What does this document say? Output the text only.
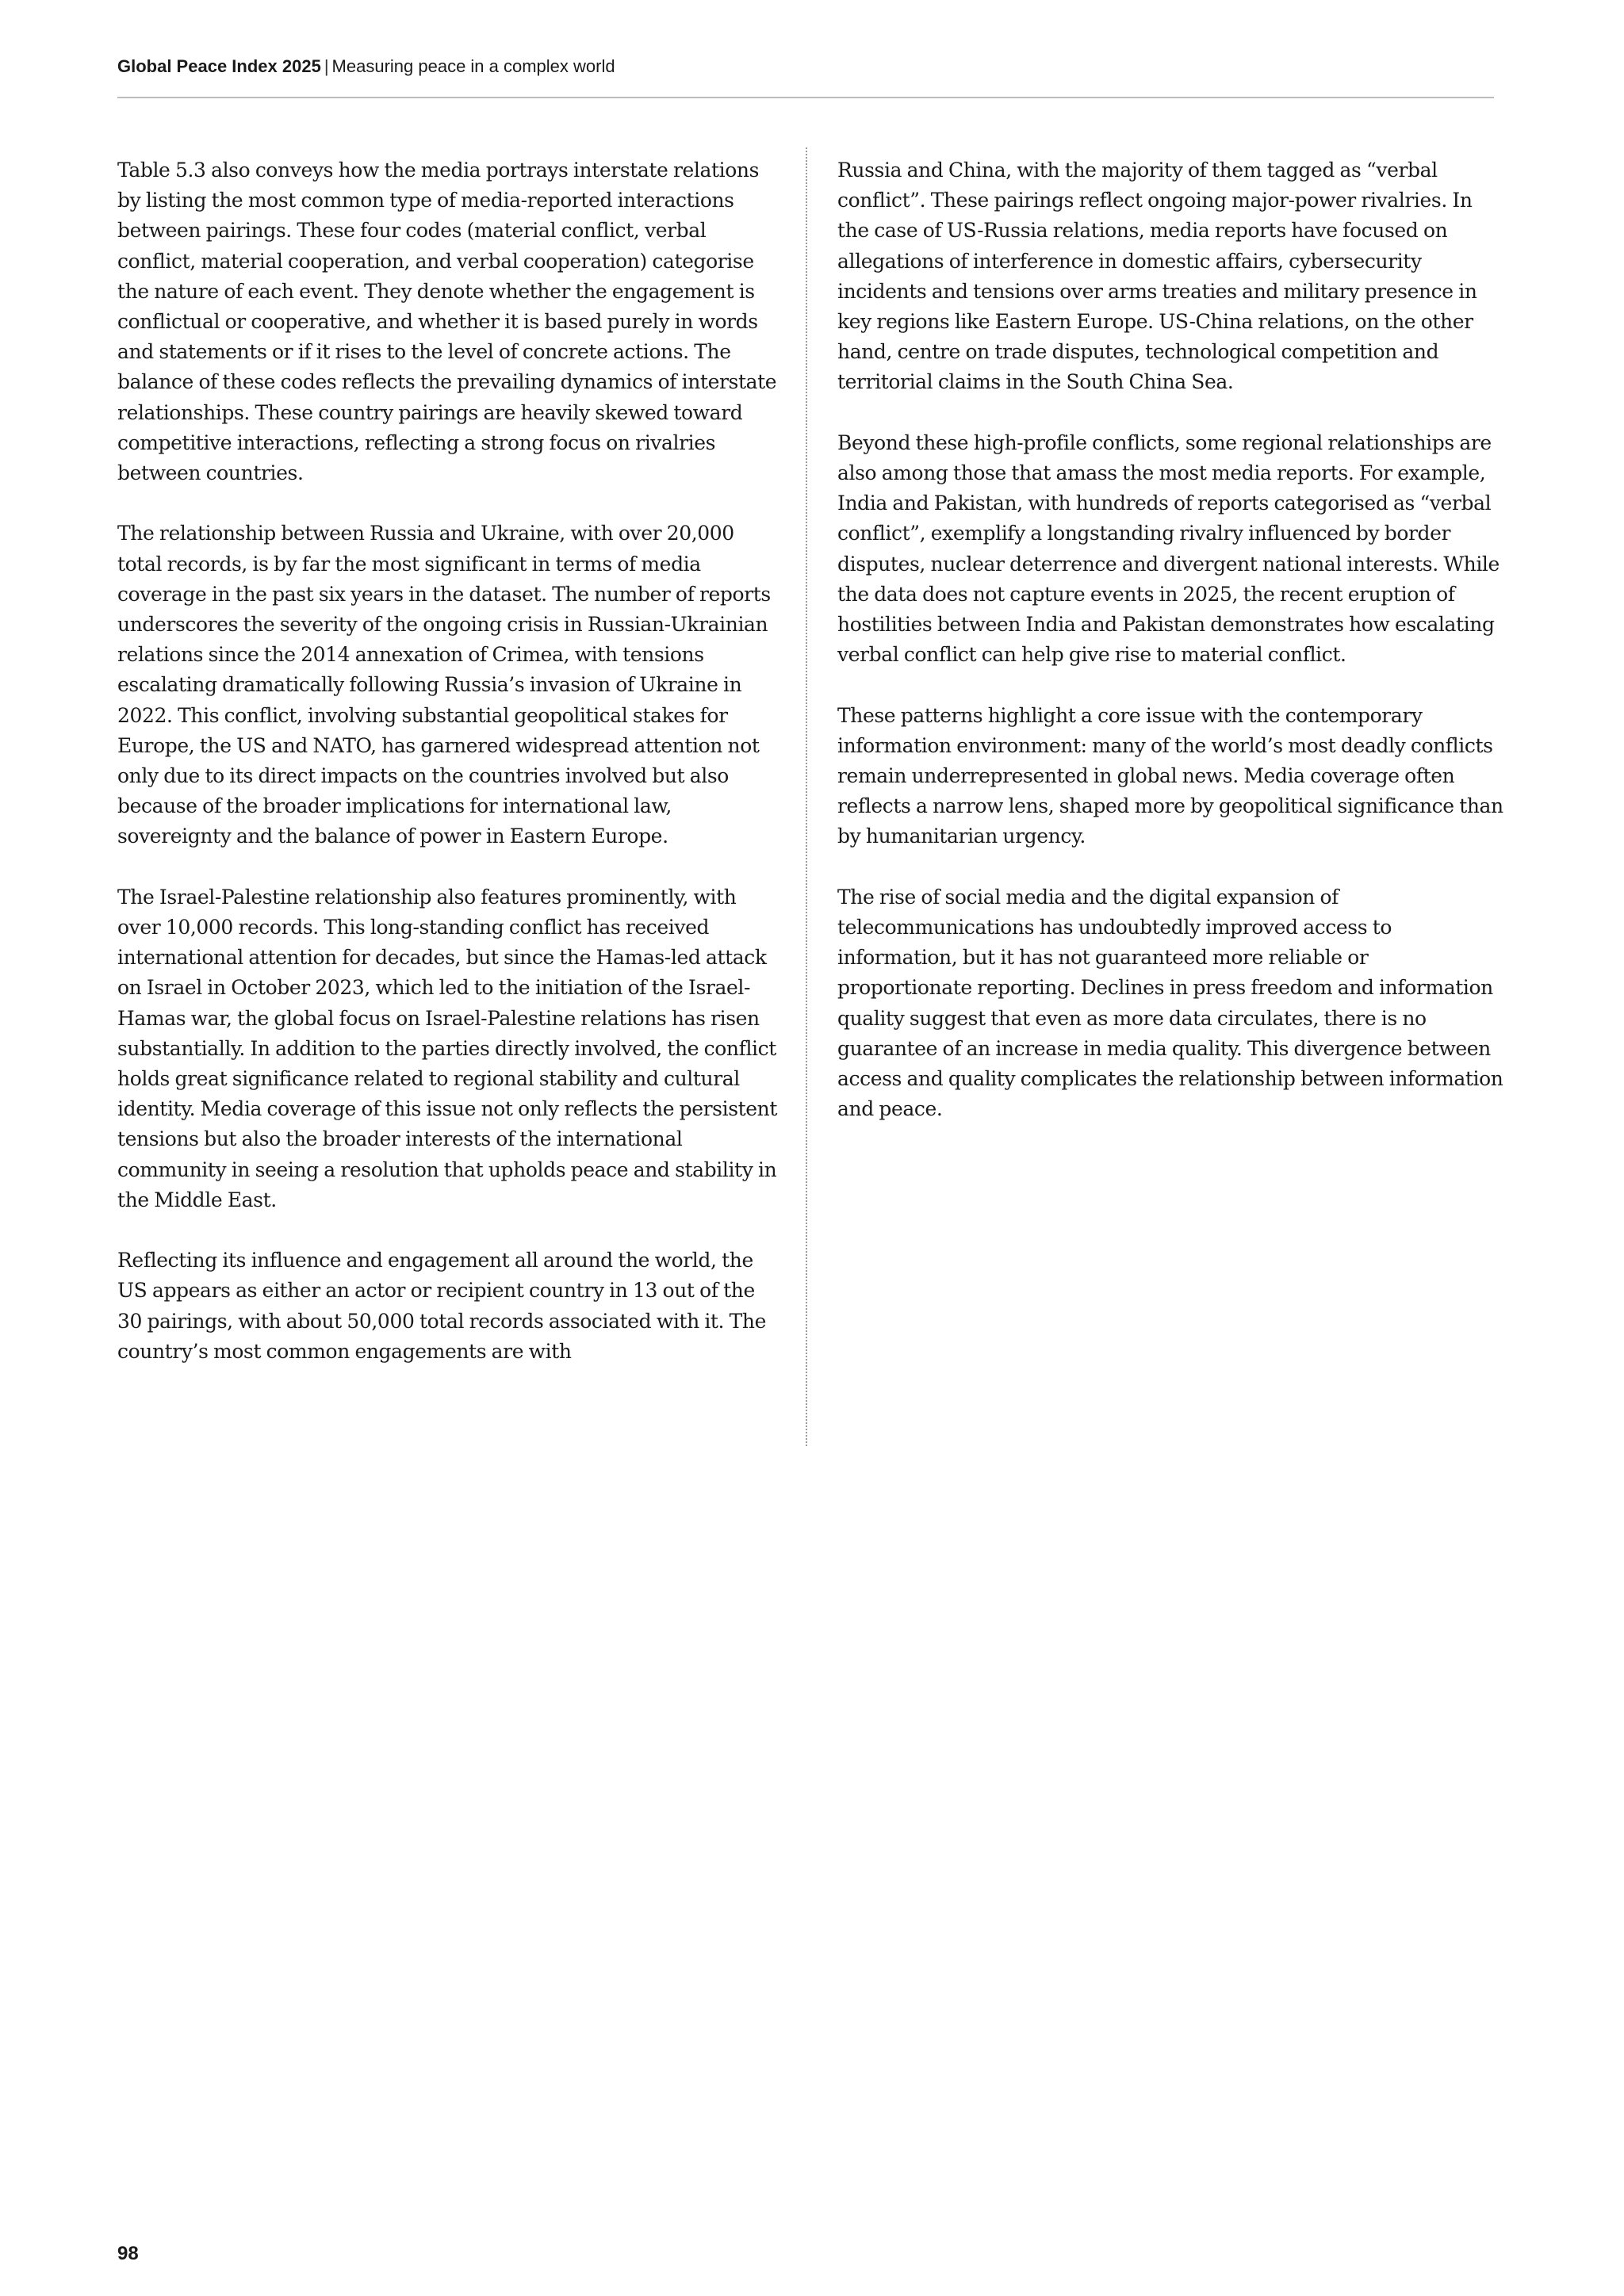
Global Peace Index 2025 | Measuring peace in a complex world

Table 5.3 also conveys how the media portrays interstate relations by listing the most common type of media-reported interactions between pairings. These four codes (material conflict, verbal conflict, material cooperation, and verbal cooperation) categorise the nature of each event. They denote whether the engagement is conflictual or cooperative, and whether it is based purely in words and statements or if it rises to the level of concrete actions. The balance of these codes reflects the prevailing dynamics of interstate relationships. These country pairings are heavily skewed toward competitive interactions, reflecting a strong focus on rivalries between countries.

The relationship between Russia and Ukraine, with over 20,000 total records, is by far the most significant in terms of media coverage in the past six years in the dataset. The number of reports underscores the severity of the ongoing crisis in Russian-Ukrainian relations since the 2014 annexation of Crimea, with tensions escalating dramatically following Russia’s invasion of Ukraine in 2022. This conflict, involving substantial geopolitical stakes for Europe, the US and NATO, has garnered widespread attention not only due to its direct impacts on the countries involved but also because of the broader implications for international law, sovereignty and the balance of power in Eastern Europe.

The Israel-Palestine relationship also features prominently, with over 10,000 records. This long-standing conflict has received international attention for decades, but since the Hamas-led attack on Israel in October 2023, which led to the initiation of the Israel-Hamas war, the global focus on Israel-Palestine relations has risen substantially. In addition to the parties directly involved, the conflict holds great significance related to regional stability and cultural identity. Media coverage of this issue not only reflects the persistent tensions but also the broader interests of the international community in seeing a resolution that upholds peace and stability in the Middle East.

Reflecting its influence and engagement all around the world, the US appears as either an actor or recipient country in 13 out of the 30 pairings, with about 50,000 total records associated with it. The country’s most common engagements are with

Russia and China, with the majority of them tagged as “verbal conflict”. These pairings reflect ongoing major-power rivalries. In the case of US-Russia relations, media reports have focused on allegations of interference in domestic affairs, cybersecurity incidents and tensions over arms treaties and military presence in key regions like Eastern Europe. US-China relations, on the other hand, centre on trade disputes, technological competition and territorial claims in the South China Sea.

Beyond these high-profile conflicts, some regional relationships are also among those that amass the most media reports. For example, India and Pakistan, with hundreds of reports categorised as “verbal conflict”, exemplify a longstanding rivalry influenced by border disputes, nuclear deterrence and divergent national interests. While the data does not capture events in 2025, the recent eruption of hostilities between India and Pakistan demonstrates how escalating verbal conflict can help give rise to material conflict.

These patterns highlight a core issue with the contemporary information environment: many of the world’s most deadly conflicts remain underrepresented in global news. Media coverage often reflects a narrow lens, shaped more by geopolitical significance than by humanitarian urgency.

The rise of social media and the digital expansion of telecommunications has undoubtedly improved access to information, but it has not guaranteed more reliable or proportionate reporting. Declines in press freedom and information quality suggest that even as more data circulates, there is no guarantee of an increase in media quality. This divergence between access and quality complicates the relationship between information and peace.

98
